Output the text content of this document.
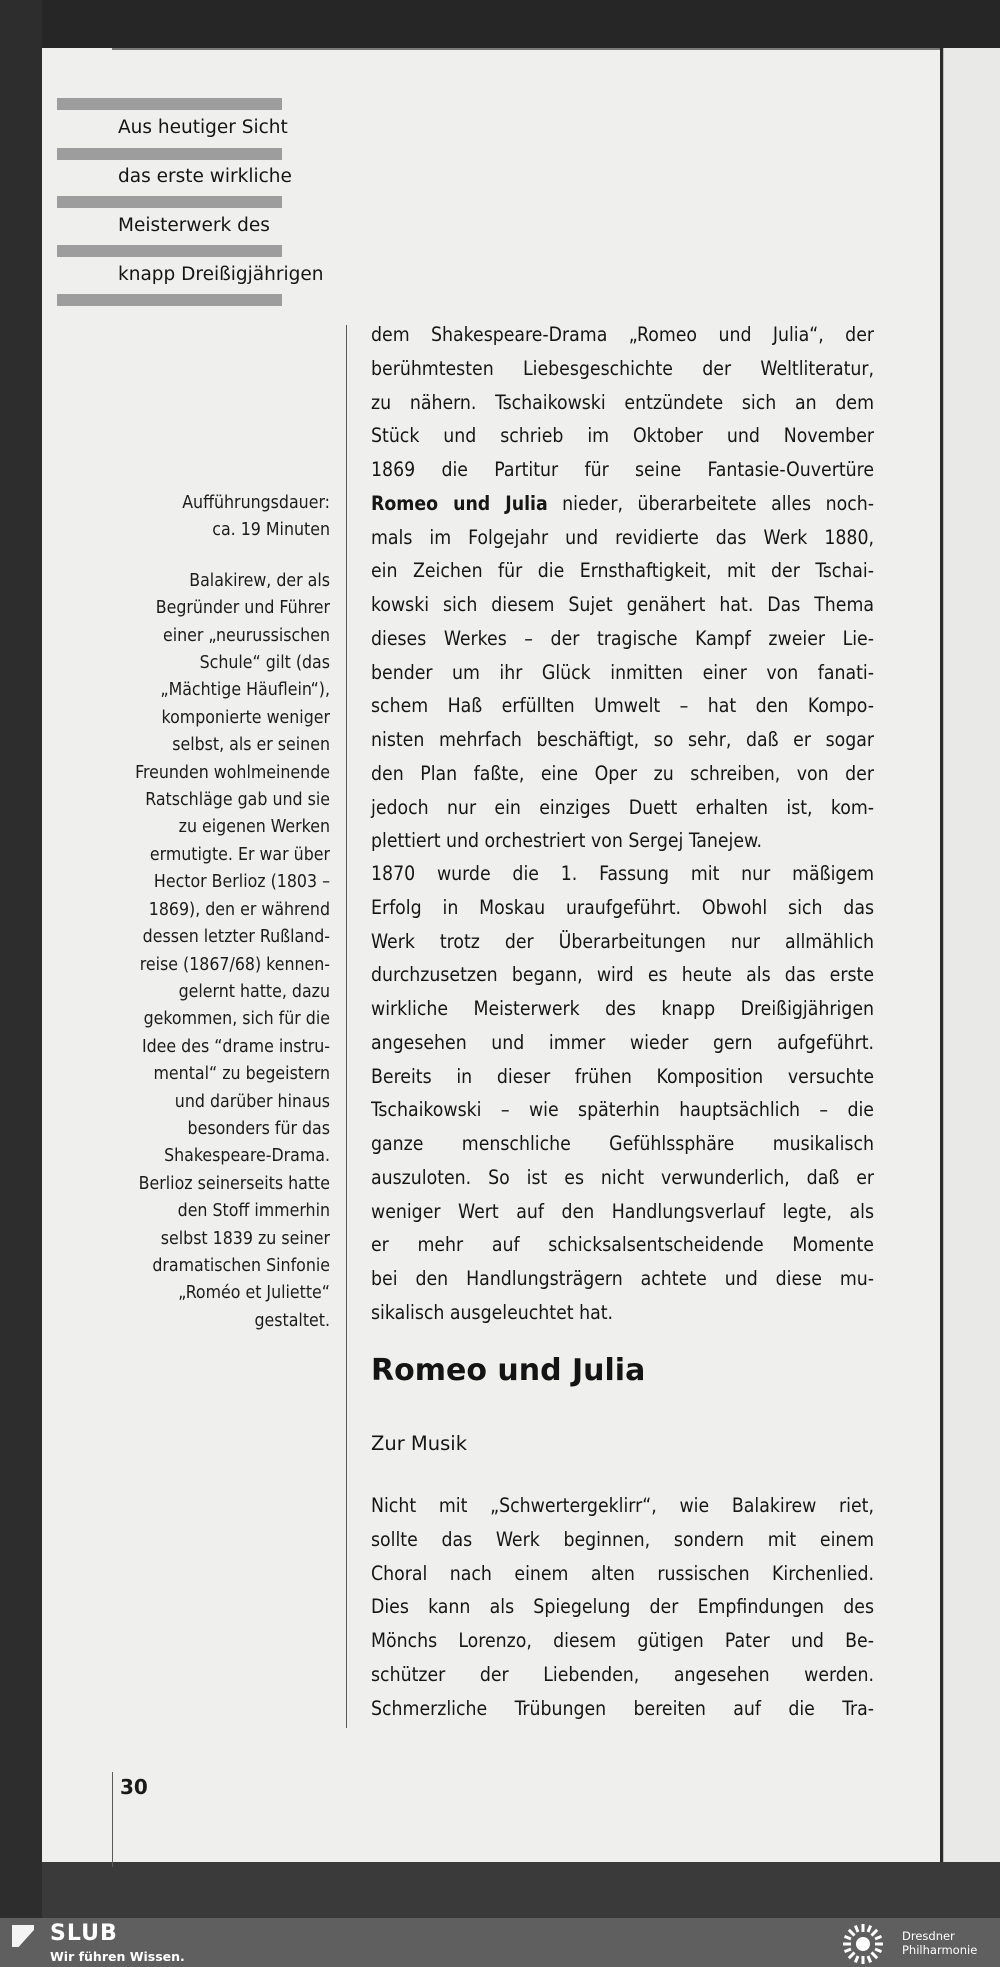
Aus heutiger Sicht
das erste wirkliche
Meisterwerk des
knapp Dreißigjährigen

Aufführungsdauer:

ca. 19 Minuten

Balakirew, der als

Begründer und Führer

einer „neurussischen

Schule“ gilt (das

„Mächtige Häuflein“),

komponierte weniger

selbst, als er seinen

Freunden wohlmeinende

Ratschläge gab und sie

zu eigenen Werken

ermutigte. Er war über

Hector Berlioz (1803 –

1869), den er während

dessen letzter Rußland-

reise (1867/68) kennen-

gelernt hatte, dazu

gekommen, sich für die

Idee des “drame instru-

mental“ zu begeistern

und darüber hinaus

besonders für das

Shakespeare-Drama.

Berlioz seinerseits hatte

den Stoff immerhin

selbst 1839 zu seiner

dramatischen Sinfonie

„Roméo et Juliette“

gestaltet.

dem Shakespeare-Drama „Romeo und Julia“, der
berühmtesten Liebesgeschichte der Weltliteratur,
zu nähern. Tschaikowski entzündete sich an dem
Stück und schrieb im Oktober und November
1869 die Partitur für seine Fantasie-Ouvertüre
Romeo und Julia nieder, überarbeitete alles noch-
mals im Folgejahr und revidierte das Werk 1880,
ein Zeichen für die Ernsthaftigkeit, mit der Tschai-
kowski sich diesem Sujet genähert hat. Das Thema
dieses Werkes – der tragische Kampf zweier Lie-
bender um ihr Glück inmitten einer von fanati-
schem Haß erfüllten Umwelt – hat den Kompo-
nisten mehrfach beschäftigt, so sehr, daß er sogar
den Plan faßte, eine Oper zu schreiben, von der
jedoch nur ein einziges Duett erhalten ist, kom-
plettiert und orchestriert von Sergej Tanejew.
1870 wurde die 1. Fassung mit nur mäßigem
Erfolg in Moskau uraufgeführt. Obwohl sich das
Werk trotz der Überarbeitungen nur allmählich
durchzusetzen begann, wird es heute als das erste
wirkliche Meisterwerk des knapp Dreißigjährigen
angesehen und immer wieder gern aufgeführt.
Bereits in dieser frühen Komposition versuchte
Tschaikowski – wie späterhin hauptsächlich – die
ganze menschliche Gefühlssphäre musikalisch
auszuloten. So ist es nicht verwunderlich, daß er
weniger Wert auf den Handlungsverlauf legte, als
er mehr auf schicksalsentscheidende Momente
bei den Handlungsträgern achtete und diese mu-
sikalisch ausgeleuchtet hat.
Romeo und Julia
Zur Musik
Nicht mit „Schwertergeklirr“, wie Balakirew riet,
sollte das Werk beginnen, sondern mit einem
Choral nach einem alten russischen Kirchenlied.
Dies kann als Spiegelung der Empfindungen des
Mönchs Lorenzo, diesem gütigen Pater und Be-
schützer der Liebenden, angesehen werden.
Schmerzliche Trübungen bereiten auf die Tra-
30
SLUB
Wir führen Wissen.
Dresdner
Philharmonie
